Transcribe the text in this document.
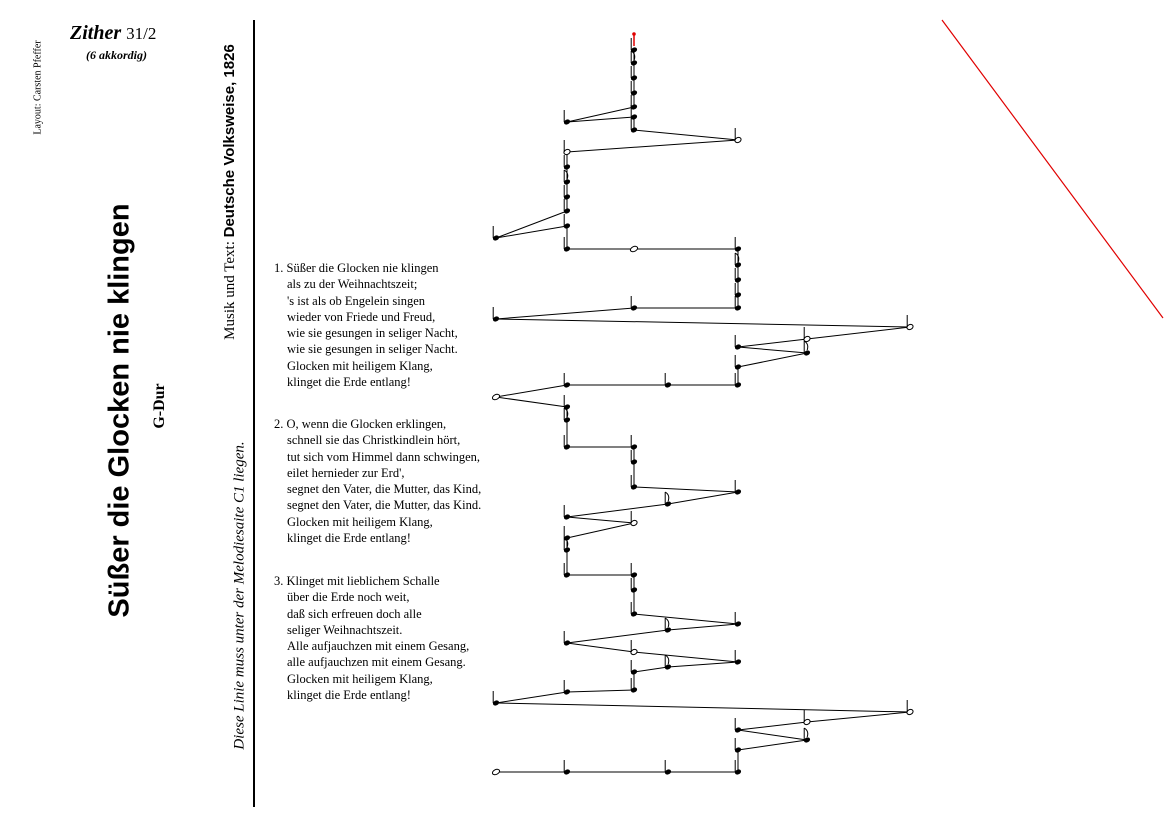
Layout: Carsten Pfeffer
Zither 31/2
(6 akkordig)
Süßer die Glocken nie klingen G-Dur
Musik und Text: Deutsche Volksweise, 1826
Diese Linie muss unter der Melodiesaite C1 liegen.
1. Süßer die Glocken nie klingen
als zu der Weihnachtszeit;
's ist als ob Engelein singen
wieder von Friede und Freud,
wie sie gesungen in seliger Nacht,
wie sie gesungen in seliger Nacht.
Glocken mit heiligem Klang,
klinget die Erde entlang!
2. O, wenn die Glocken erklingen,
schnell sie das Christkindlein hört,
tut sich vom Himmel dann schwingen,
eilet hernieder zur Erd',
segnet den Vater, die Mutter, das Kind,
segnet den Vater, die Mutter, das Kind.
Glocken mit heiligem Klang,
klinget die Erde entlang!
3. Klinget mit lieblichem Schalle
über die Erde noch weit,
daß sich erfreuen doch alle
seliger Weihnachtszeit.
Alle aufjauchzen mit einem Gesang,
alle aufjauchzen mit einem Gesang.
Glocken mit heiligem Klang,
klinget die Erde entlang!
